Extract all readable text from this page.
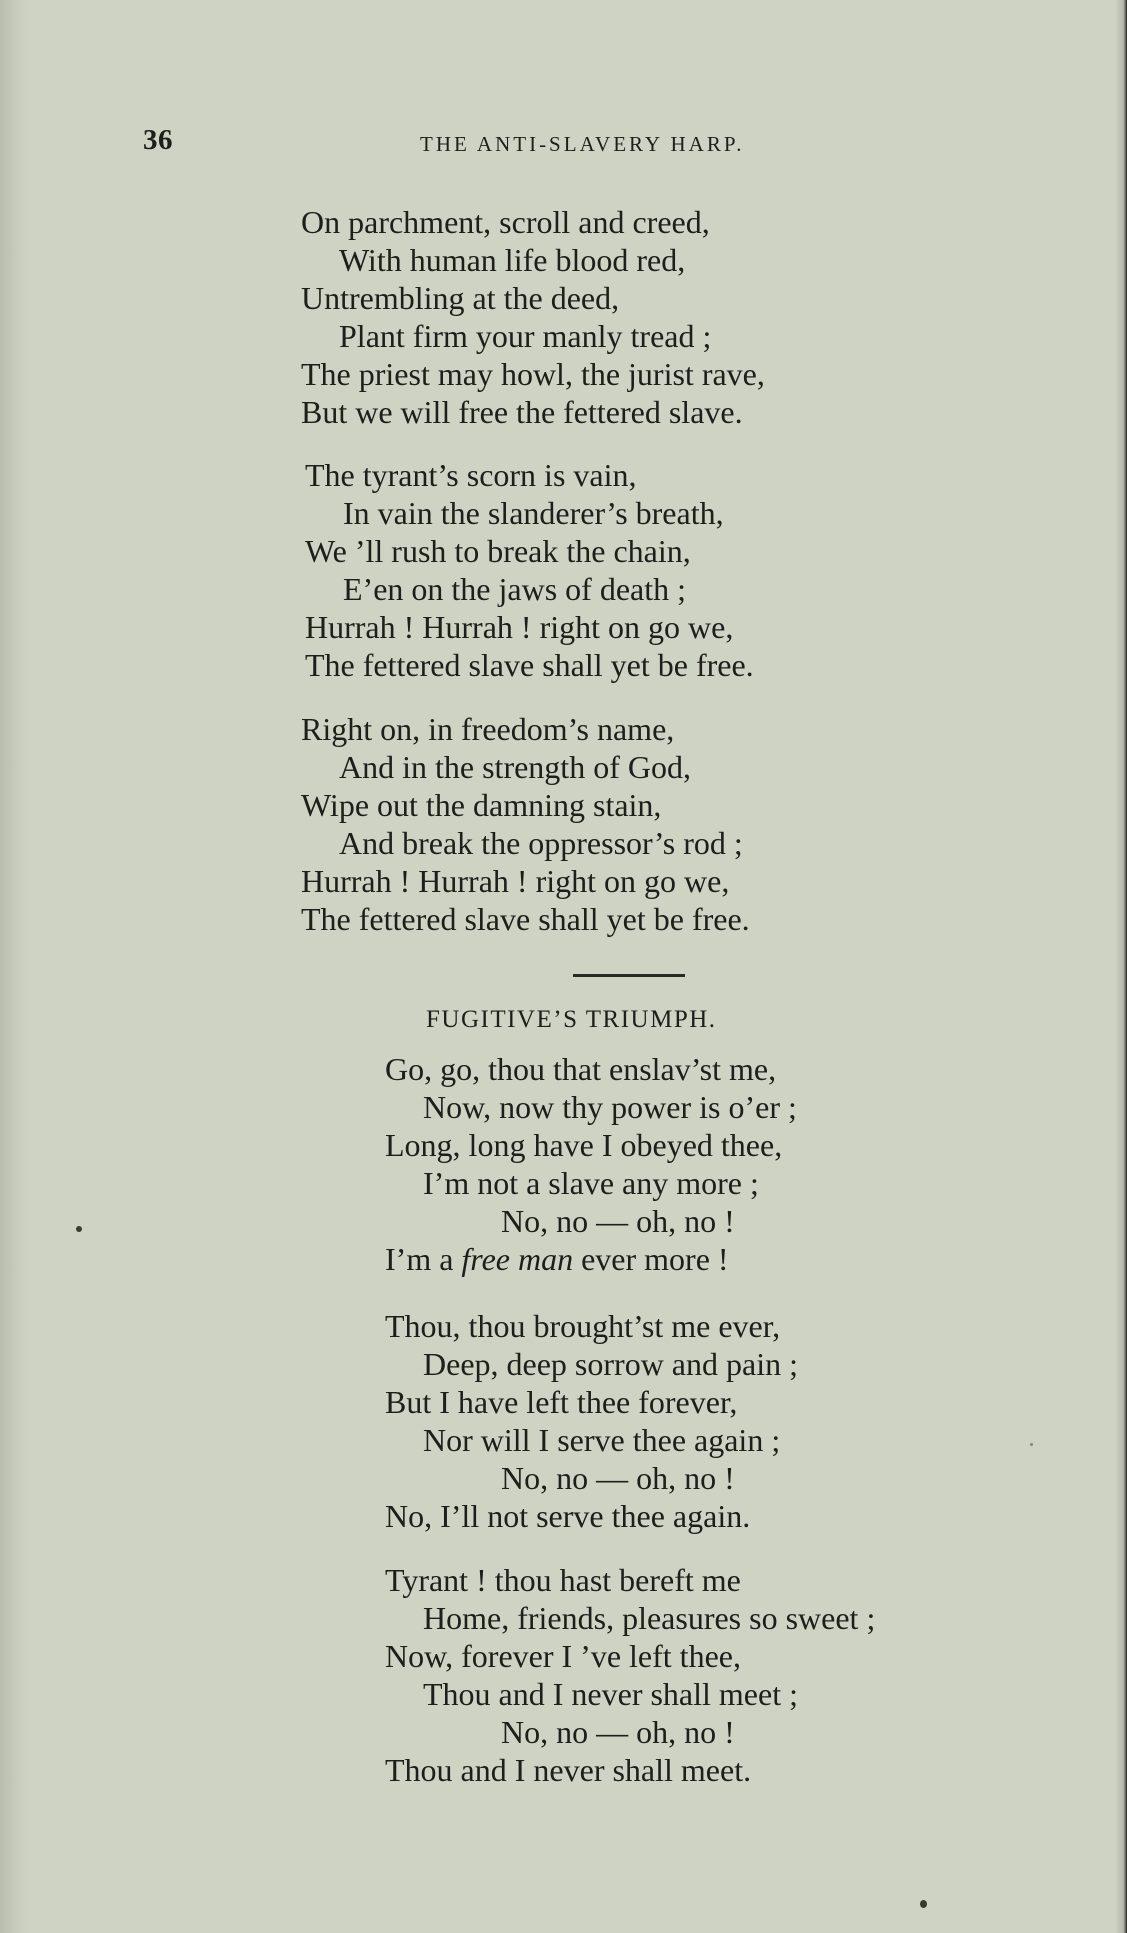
36	THE ANTI-SLAVERY HARP.
On parchment, scroll and creed,
With human life blood red,
Untrembling at the deed,
Plant firm your manly tread ;
The priest may howl, the jurist rave,
But we will free the fettered slave.
The tyrant’s scorn is vain,
In vain the slanderer’s breath,
We ’ll rush to break the chain,
E’en on the jaws of death ;
Hurrah ! Hurrah ! right on go we,
The fettered slave shall yet be free.
Right on, in freedom’s name,
And in the strength of God,
Wipe out the damning stain,
And break the oppressor’s rod ;
Hurrah ! Hurrah ! right on go we,
The fettered slave shall yet be free.
FUGITIVE’S TRIUMPH.
Go, go, thou that enslav’st me,
Now, now thy power is o’er ;
Long, long have I obeyed thee,
I’m not a slave any more ;
No, no — oh, no !
I’m a free man ever more !
Thou, thou brought’st me ever,
Deep, deep sorrow and pain ;
But I have left thee forever,
Nor will I serve thee again ;
No, no — oh, no !
No, I’ll not serve thee again.
Tyrant ! thou hast bereft me
Home, friends, pleasures so sweet ;
Now, forever I ’ve left thee,
Thou and I never shall meet ;
No, no — oh, no !
Thou and I never shall meet.
